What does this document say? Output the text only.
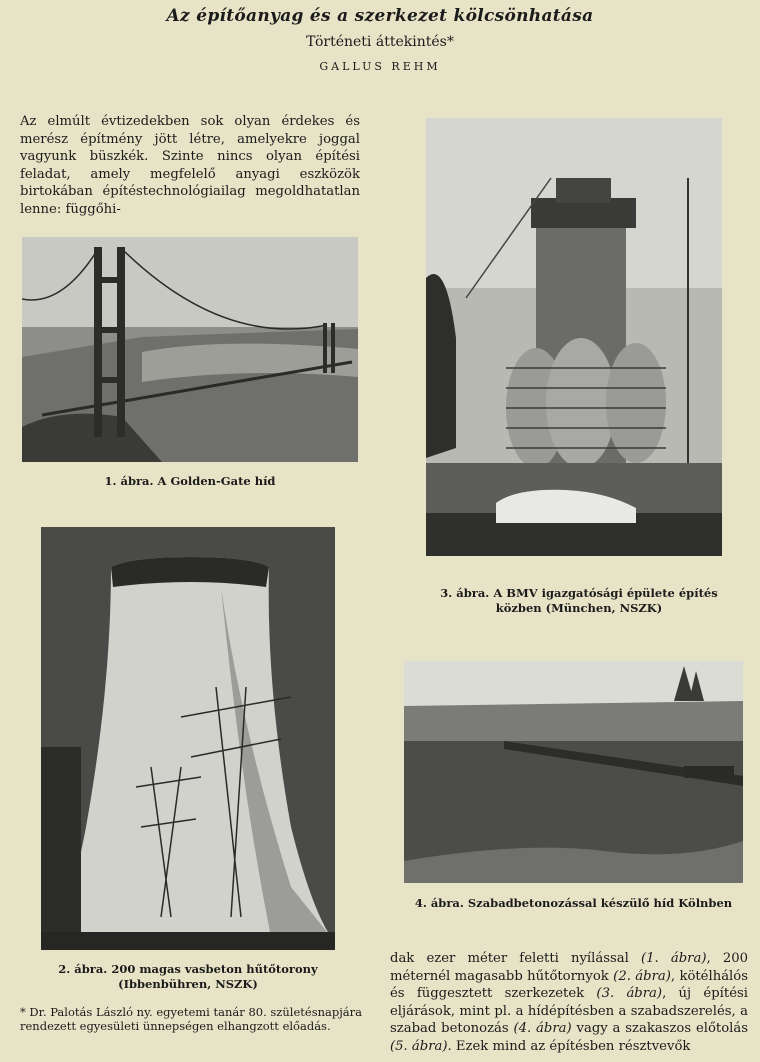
Az építőanyag és a szerkezet kölcsönhatása
Történeti áttekintés*
GALLUS REHM
Az elmúlt évtizedekben sok olyan érdekes és merész építmény jött létre, amelyekre joggal vagyunk büszkék. Szinte nincs olyan építési feladat, amely megfelelő anyagi eszközök birtokában építéstechnológiailag megoldhatatlan lenne: függőhi-
1. ábra. A Golden-Gate híd
3. ábra. A BMV igazgatósági épülete építés közben (München, NSZK)
2. ábra. 200 magas vasbeton hűtőtorony (Ibbenbühren, NSZK)
4. ábra. Szabadbetonozással készülő híd Kölnben
dak ezer méter feletti nyílással (1. ábra), 200 méternél magasabb hűtőtornyok (2. ábra), kötélhálós és függesztett szerkezetek (3. ábra), új építési eljárások, mint pl. a hídépítésben a szabadszerelés, a szabad betonozás (4. ábra) vagy a szakaszos előtolás (5. ábra). Ezek mind az építésben résztvevők
* Dr. Palotás László ny. egyetemi tanár 80. születésnapjára rendezett egyesületi ünnepségen elhangzott előadás.
